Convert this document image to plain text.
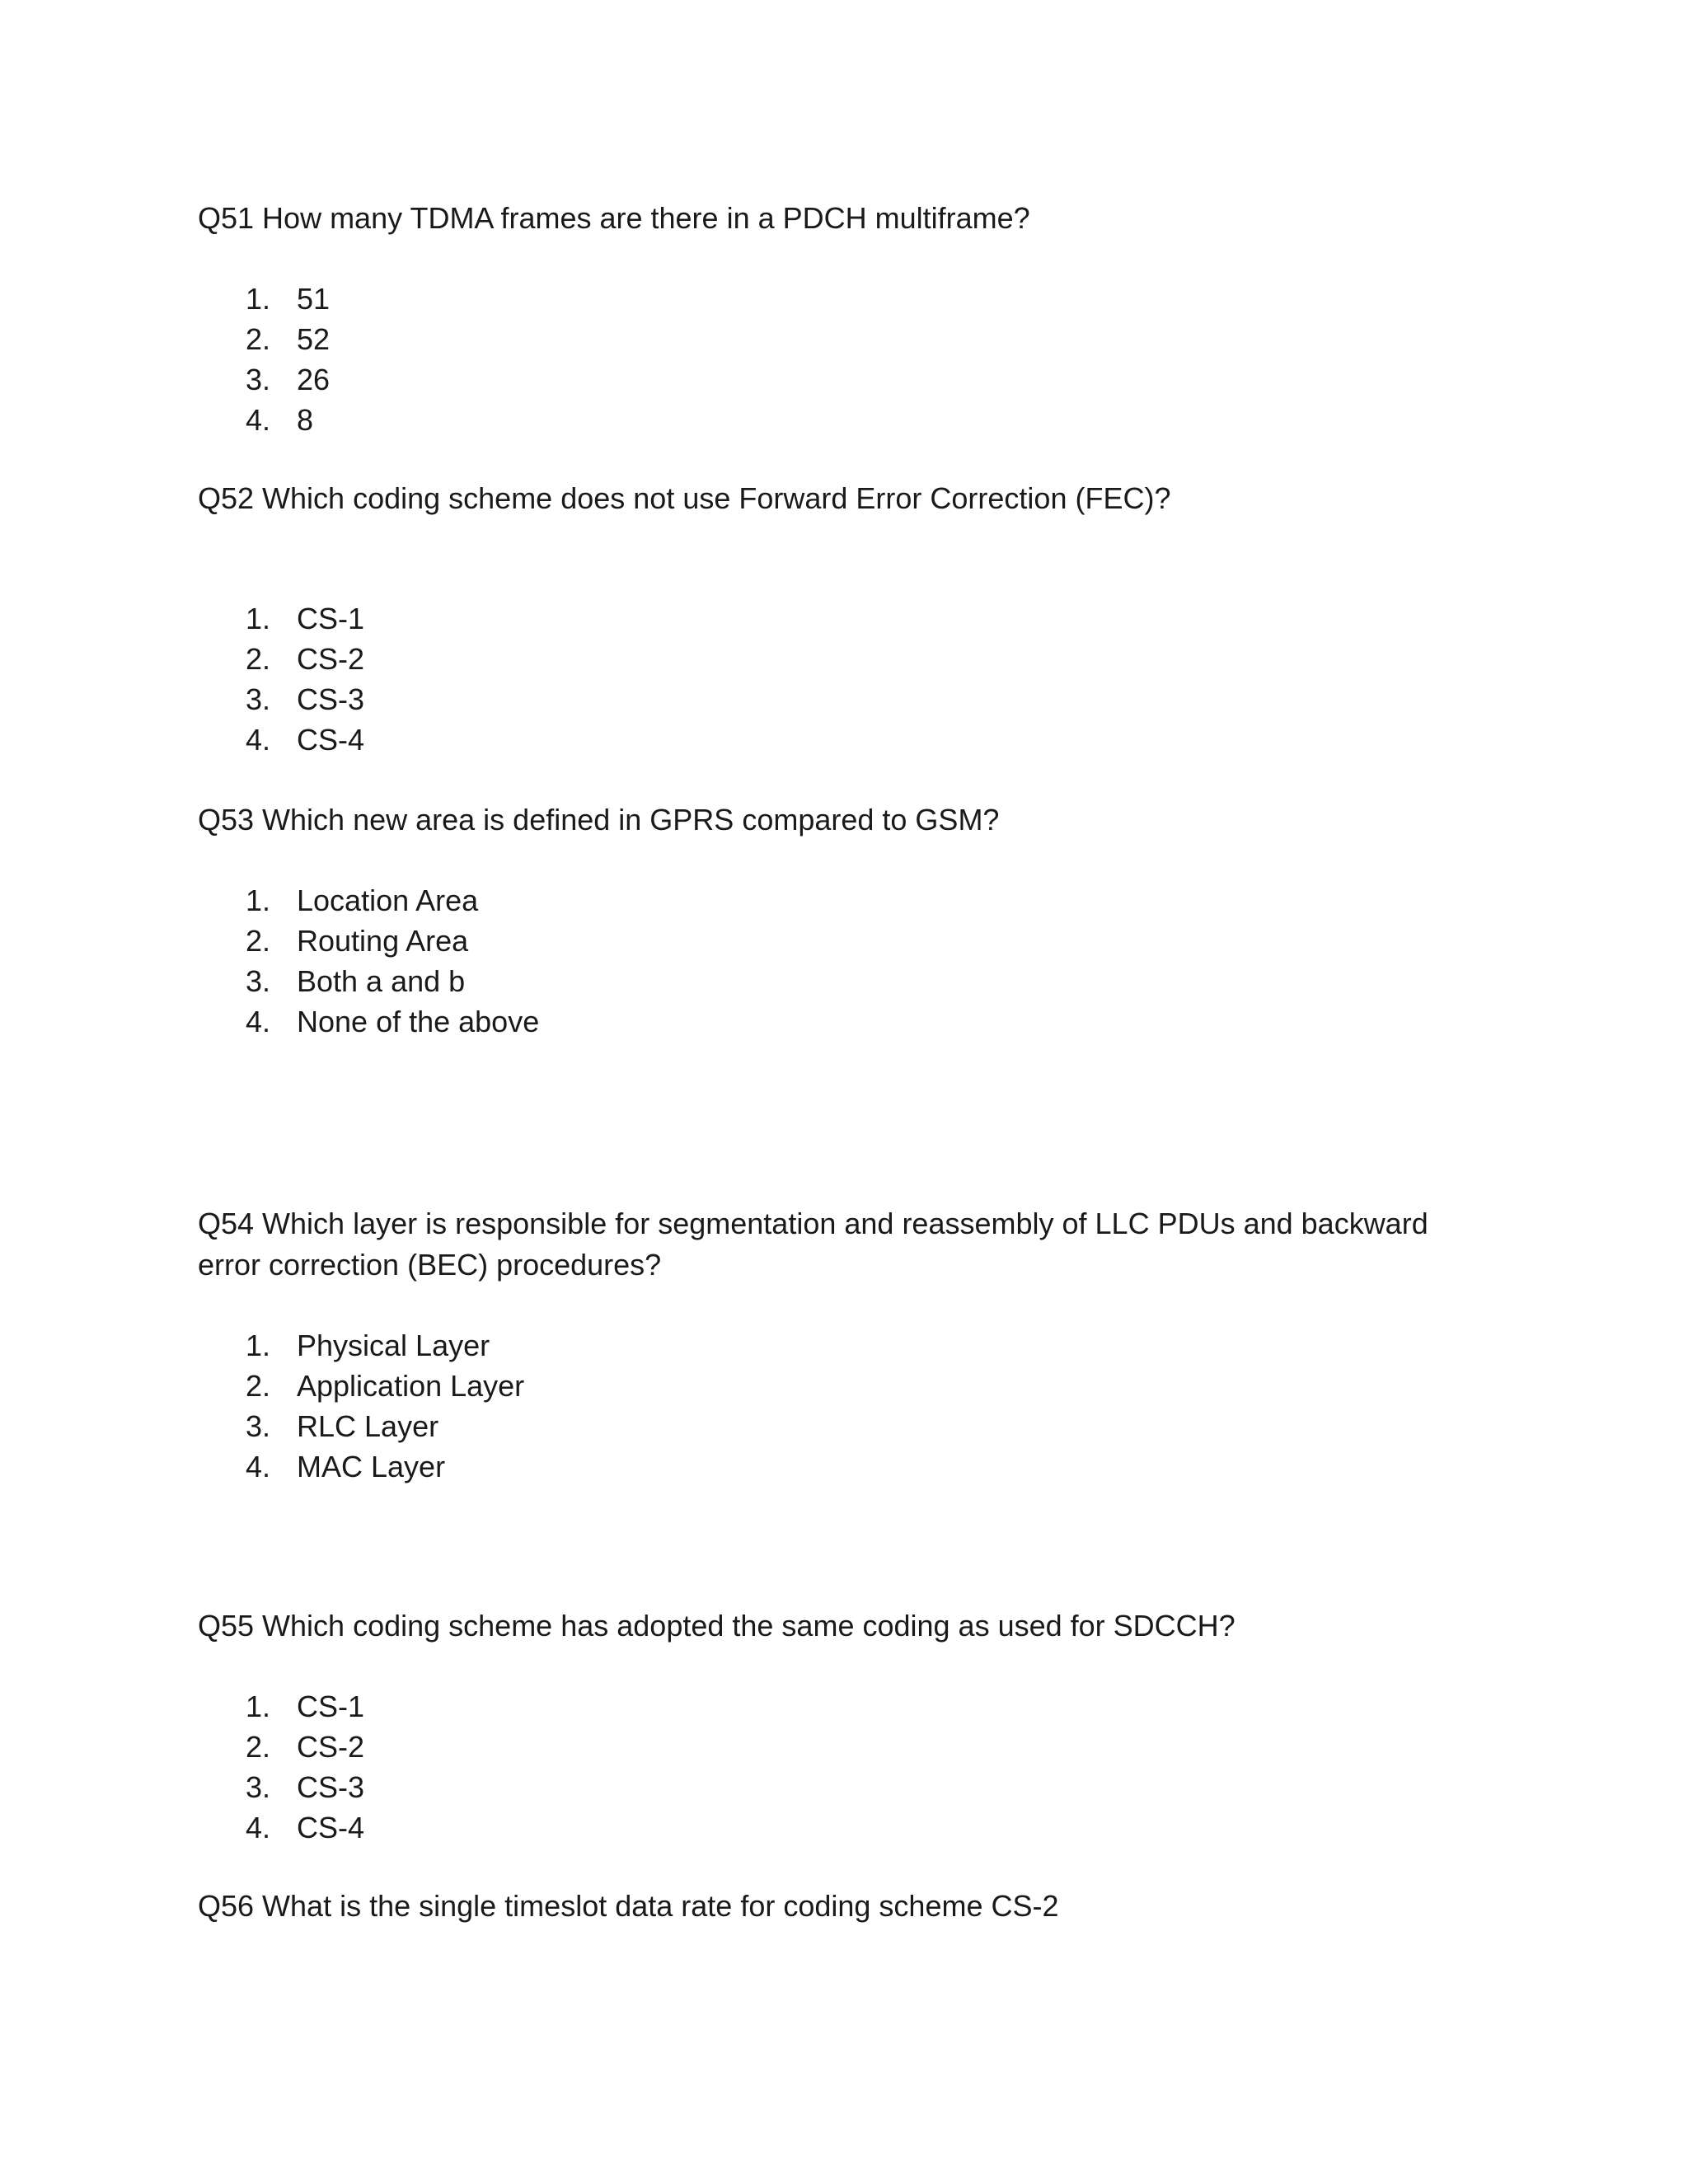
Q51 How many TDMA frames are there in a PDCH multiframe?

1. 51
2. 52
3. 26
4. 8

Q52 Which coding scheme does not use Forward Error Correction (FEC)?

1. CS-1
2. CS-2
3. CS-3
4. CS-4

Q53 Which new area is defined in GPRS compared to GSM?

1. Location Area
2. Routing Area
3. Both a and b
4. None of the above

Q54 Which layer is responsible for segmentation and reassembly of LLC PDUs and backward error correction (BEC) procedures?

1. Physical Layer
2. Application Layer
3. RLC Layer
4. MAC Layer

Q55 Which coding scheme has adopted the same coding as used for SDCCH?

1. CS-1
2. CS-2
3. CS-3
4. CS-4

Q56 What is the single timeslot data rate for coding scheme CS-2
